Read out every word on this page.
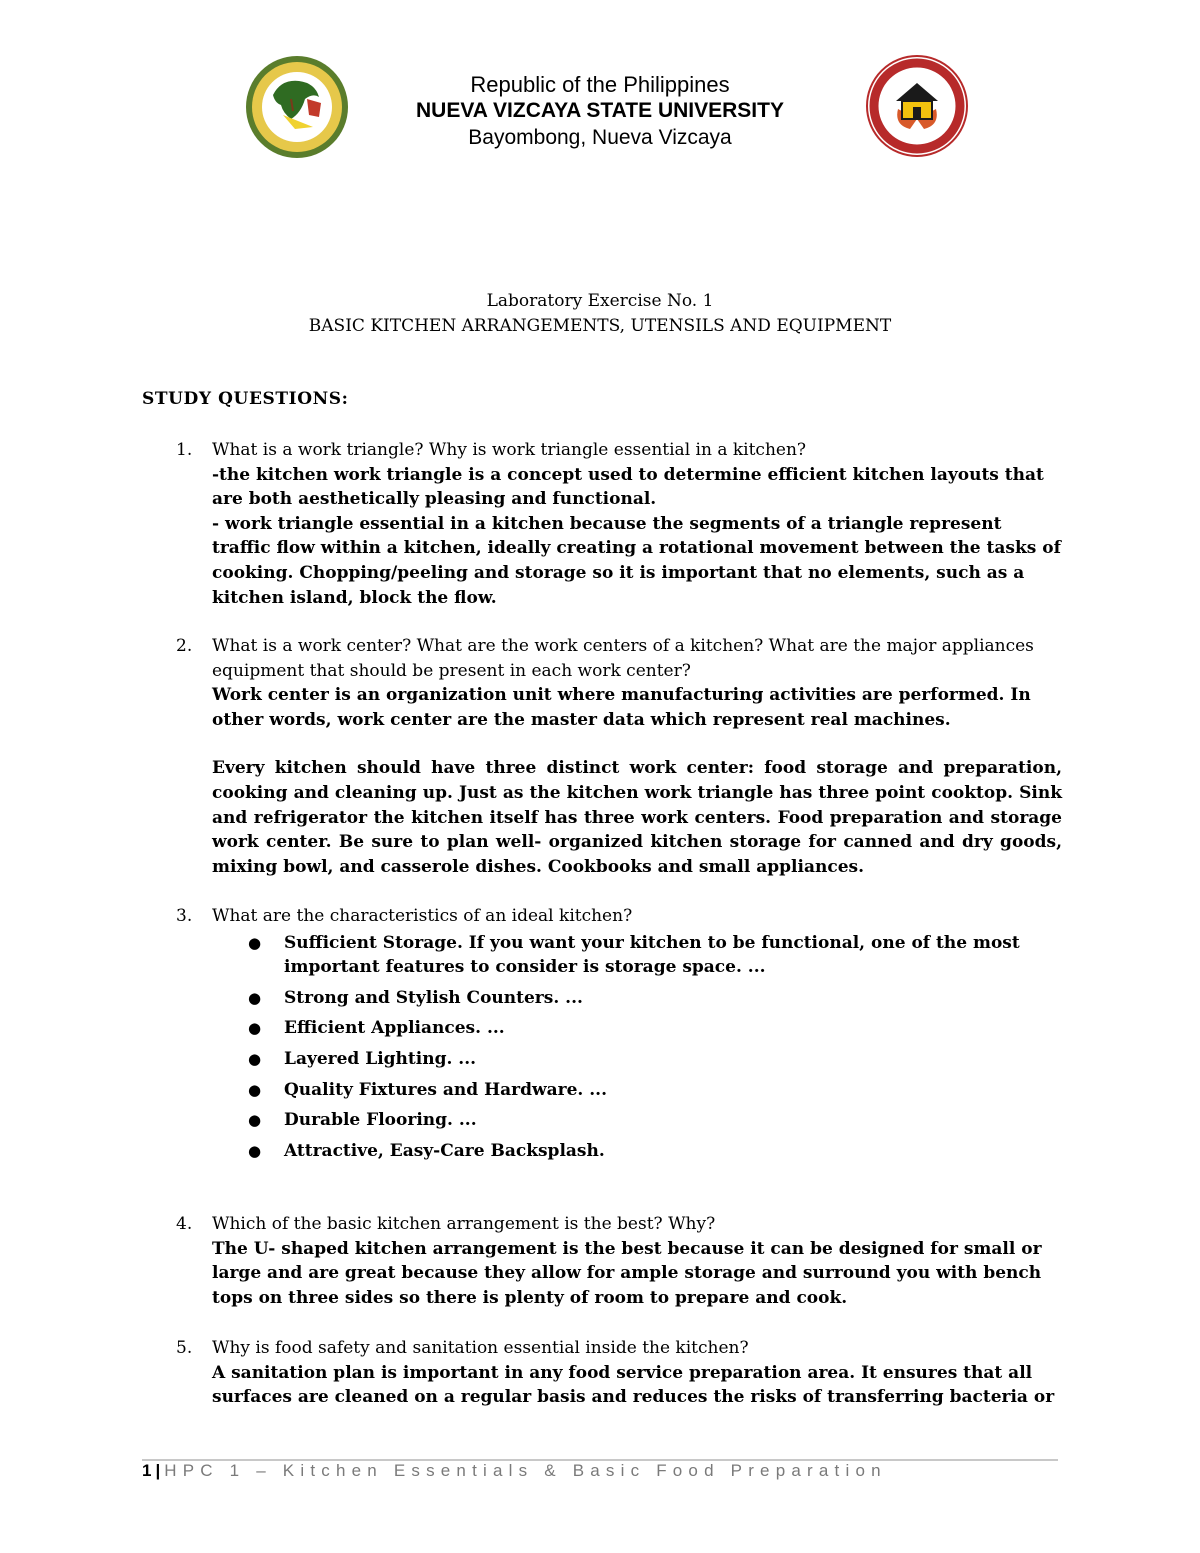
Republic of the Philippines
NUEVA VIZCAYA STATE UNIVERSITY
Bayombong, Nueva Vizcaya
Laboratory Exercise No. 1
BASIC KITCHEN ARRANGEMENTS, UTENSILS AND EQUIPMENT
STUDY QUESTIONS:
1. What is a work triangle? Why is work triangle essential in a kitchen?
-the kitchen work triangle is a concept used to determine efficient kitchen layouts that are both aesthetically pleasing and functional.
- work triangle essential in a kitchen because the segments of a triangle represent traffic flow within a kitchen, ideally creating a rotational movement between the tasks of cooking. Chopping/peeling and storage so it is important that no elements, such as a kitchen island, block the flow.
2. What is a work center? What are the work centers of a kitchen? What are the major appliances equipment that should be present in each work center?
Work center is an organization unit where manufacturing activities are performed. In other words, work center are the master data which represent real machines.
Every kitchen should have three distinct work center: food storage and preparation, cooking and cleaning up. Just as the kitchen work triangle has three point cooktop. Sink and refrigerator the kitchen itself has three work centers. Food preparation and storage work center. Be sure to plan well- organized kitchen storage for canned and dry goods, mixing bowl, and casserole dishes. Cookbooks and small appliances.
3. What are the characteristics of an ideal kitchen?
● Sufficient Storage. If you want your kitchen to be functional, one of the most important features to consider is storage space. ...
● Strong and Stylish Counters. ...
● Efficient Appliances. ...
● Layered Lighting. ...
● Quality Fixtures and Hardware. ...
● Durable Flooring. ...
● Attractive, Easy-Care Backsplash.
4. Which of the basic kitchen arrangement is the best? Why?
The U- shaped kitchen arrangement is the best because it can be designed for small or large and are great because they allow for ample storage and surround you with bench tops on three sides so there is plenty of room to prepare and cook.
5. Why is food safety and sanitation essential inside the kitchen?
A sanitation plan is important in any food service preparation area. It ensures that all surfaces are cleaned on a regular basis and reduces the risks of transferring bacteria or
1 | HPC 1 – Kitchen Essentials & Basic Food Preparation
